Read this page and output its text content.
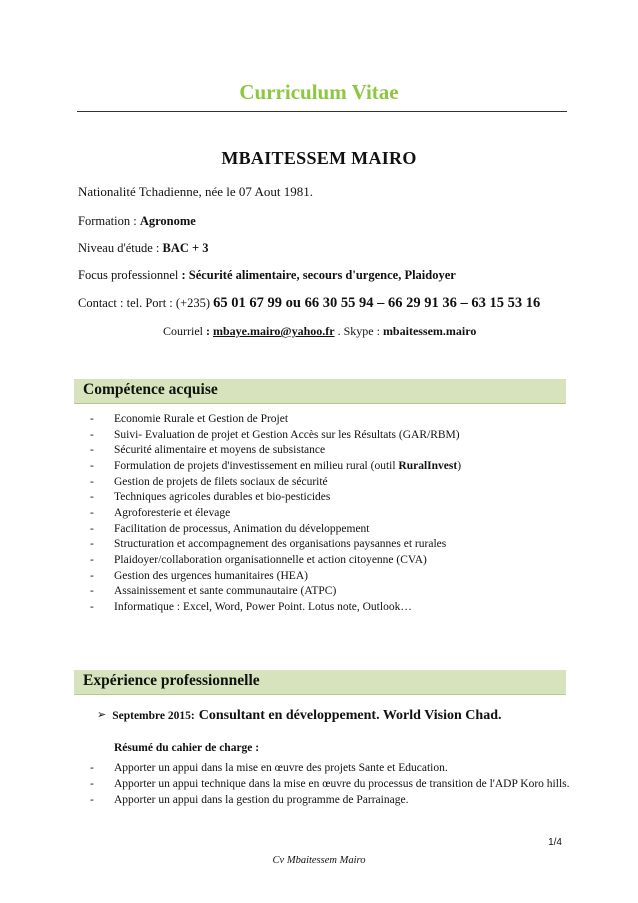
Curriculum Vitae
MBAITESSEM MAIRO
Nationalité Tchadienne, née le 07 Aout 1981.
Formation : Agronome
Niveau d'étude : BAC + 3
Focus professionnel : Sécurité alimentaire, secours d'urgence, Plaidoyer
Contact : tel. Port : (+235) 65 01 67 99 ou 66 30 55 94 – 66 29 91 36 – 63 15 53 16
Courriel : mbaye.mairo@yahoo.fr . Skype : mbaitessem.mairo
Compétence acquise
- Economie Rurale et Gestion de Projet
- Suivi- Evaluation de projet et Gestion Accès sur les Résultats (GAR/RBM)
- Sécurité alimentaire et moyens de subsistance
- Formulation de projets d'investissement en milieu rural (outil RuralInvest)
- Gestion de projets de filets sociaux de sécurité
- Techniques agricoles durables et bio-pesticides
- Agroforesterie et élevage
- Facilitation de processus, Animation du développement
- Structuration et accompagnement des organisations paysannes et rurales
- Plaidoyer/collaboration organisationnelle et action citoyenne (CVA)
- Gestion des urgences humanitaires (HEA)
- Assainissement et sante communautaire (ATPC)
- Informatique : Excel, Word, Power Point. Lotus note, Outlook…
Expérience professionnelle
➢ Septembre 2015: Consultant en développement. World Vision Chad.
Résumé du cahier de charge :
- Apporter un appui dans la mise en œuvre des projets Sante et Education.
- Apporter un appui technique dans la mise en œuvre du processus de transition de l'ADP Koro hills.
- Apporter un appui dans la gestion du programme de Parrainage.
1/4
Cv Mbaitessem Mairo
